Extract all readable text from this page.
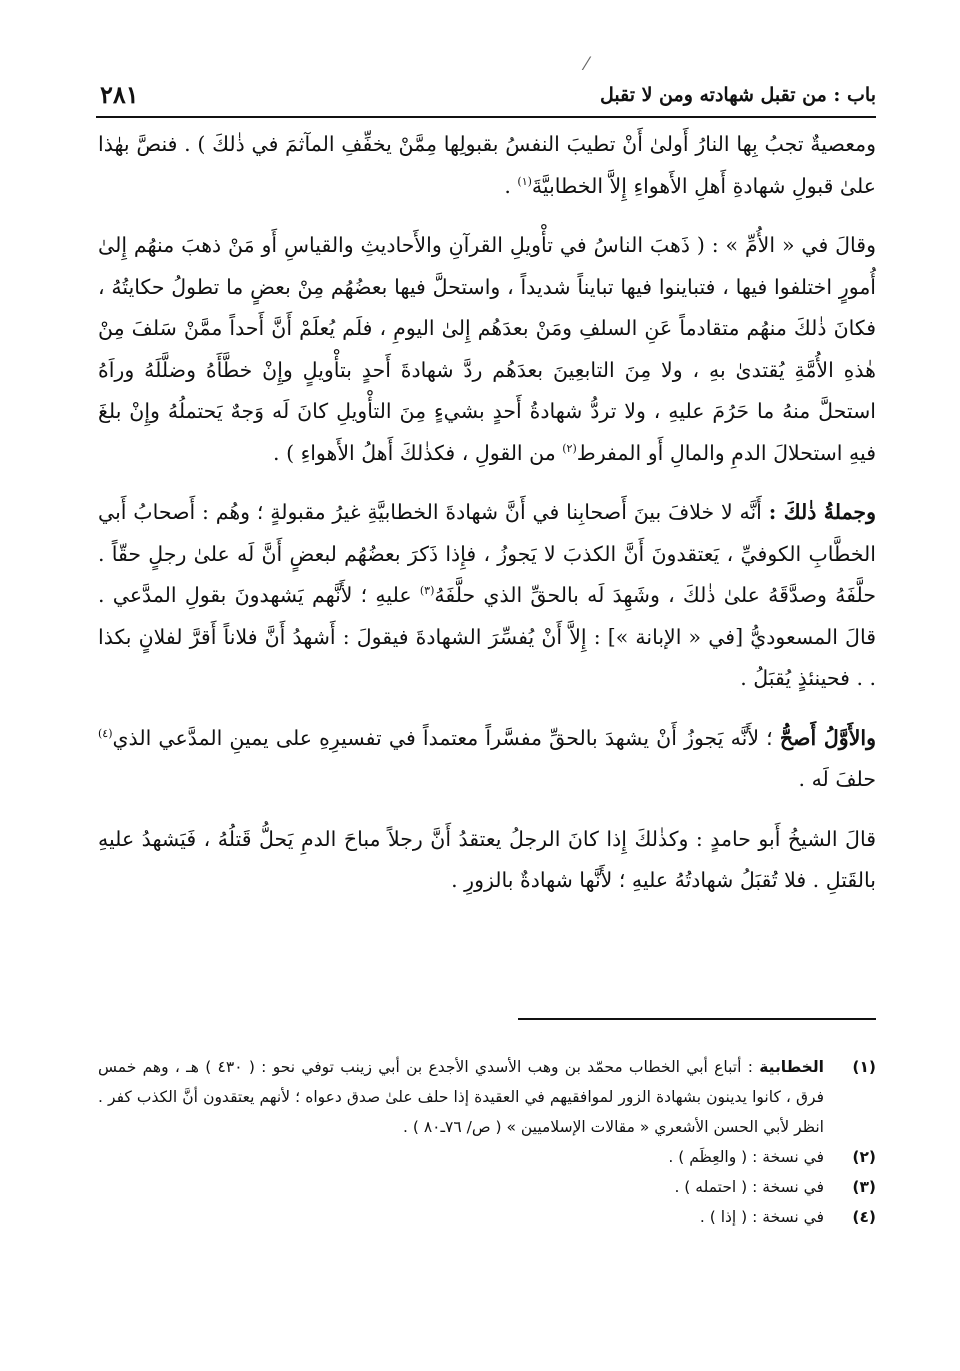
⁄
باب : من تقبل شهادته ومن لا تقبل
٢٨١

ومعصيةٌ تجبُ بِها النارُ أَولىٰ أَنْ تطيبَ النفسُ بقبولِها مِمَّنْ يخفِّفِ المآثمَ في ذٰلكَ ) . فنصَّ بهٰذا علىٰ قبولِ شهادةِ أَهلِ الأَهواءِ إِلاَّ الخطابيَّةَ$^{(١)}$ .

وقالَ في « الأُمِّ » : ( ذَهبَ الناسُ في تأْويلِ القرآنِ والأَحاديثِ والقياسِ أَو مَنْ ذهبَ منهُم إِلىٰ أُمورٍ اختلفوا فيها ، فتباينوا فيها تبايناً شديداً ، واستحلَّ فيها بعضُهُم مِنْ بعضٍ ما تطولُ حكايتُهُ ، فكانَ ذٰلكَ منهُم متقادماً عَنِ السلفِ ومَنْ بعدَهُم إِلىٰ اليومِ ، فلَم يُعلَمْ أَنَّ أَحداً ممَّنْ سَلفَ مِنْ هٰذهِ الأُمَّةِ يُقتدىٰ بهِ ، ولا مِنَ التابعِينَ بعدَهُم ردَّ شهادةَ أَحدٍ بتأْويلٍ وإِنْ خطَّأَهُ وضلَّلَهُ وراَهُ استحلَّ منهُ ما حَرُمَ عليهِ ، ولا تردُّ شهادةُ أَحدٍ بشيءٍ مِنَ التأْويلِ كانَ لَه وَجهٌ يَحتملُهُ وإِنْ بلغَ فيهِ استحلالَ الدمِ والمالِ أَو المفرط$^{(٢)}$ من القولِ ، فكذٰلكَ أَهلُ الأَهواءِ ) .

وجملةُ ذٰلكَ : أَنَّه لا خلافَ بينَ أَصحابِنا في أَنَّ شهادةَ الخطابيَّةِ غيرُ مقبولةٍ ؛ وهُم : أَصحابُ أَبي الخطَّابِ الكوفيِّ ، يَعتقدونَ أَنَّ الكذبَ لا يَجوزُ ، فإِذا ذَكرَ بعضُهُم لبعضٍ أَنَّ لَه علىٰ رجلٍ حقّاً . حلَّفَهُ وصدَّقَهُ علىٰ ذٰلكَ ، وشَهِدَ لَه بالحقِّ الذي حلَّفَهُ$^{(٣)}$ عليهِ ؛ لأَنَّهم يَشهدونَ بقولِ المدَّعي . قالَ المسعوديُّ [في « الإبانة »] : إِلاَّ أَنْ يُفسِّرَ الشهادةَ فيقولَ : أَشهدُ أَنَّ فلاناً أَقرَّ لفلانٍ بكذا . . فحينئذٍ يُقبَلُ .

والأَوَّلُ أَصحُّ ؛ لأَنَّه يَجوزُ أَنْ يشهدَ بالحقِّ مفسَّراً معتمداً في تفسيرِهِ على يمينِ المدَّعي الذي$^{(٤)}$ حلفَ لَه .

قالَ الشيخُ أَبو حامدٍ : وكذٰلكَ إِذا كانَ الرجلُ يعتقدُ أَنَّ رجلاً مباحَ الدمِ يَحلُّ قَتلُهُ ، فَيَشهدُ عليهِ بالقَتلِ . فلا تُقبَلُ شهادتُهُ عليهِ ؛ لأَنَّها شهادةٌ بالزورِ .

(١)
الخطابية : أتباع أبي الخطاب محمّد بن وهب الأسدي الأجدع بن أبي زينب توفي نحو : ( ٤٣٠ ) هـ ، وهم خمس فرق ، كانوا يدينون بشهادة الزور لموافقيهم في العقيدة إذا حلف علىٰ صدق دعواه ؛ لأنهم يعتقدون أنَّ الكذب كفر . انظر لأبي الحسن الأشعري « مقالات الإسلاميين » ( ص/ ٧٦ـ٨٠ ) .
(٢)
في نسخة : ( والعِظَم ) .
(٣)
في نسخة : ( احتمله ) .
(٤)
في نسخة : ( إذا ) .
